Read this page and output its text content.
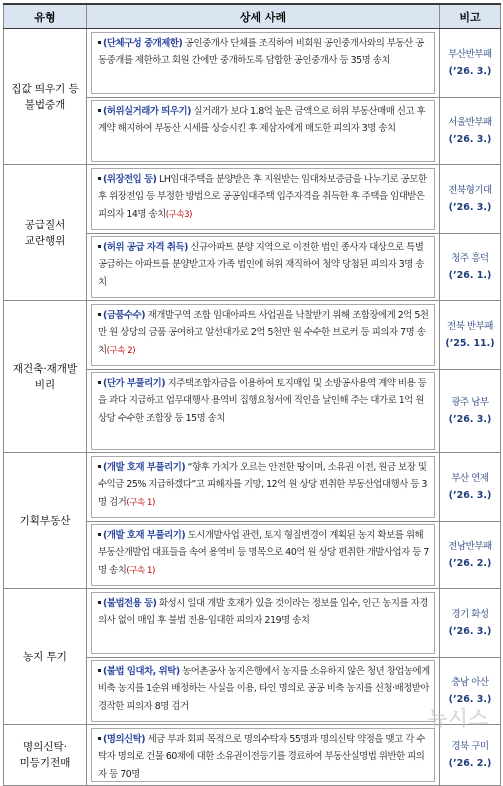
유형	상세 사례	비고
집값 띄우기 등 불법중개	(단체구성 중개제한) 공인중개사 단체를 조직하여 비회원 공인중개사와의 부동산 공동중개를 제한하고 회원 간에만 중개하도록 담합한 공인중개사 등 35명 송치	부산반부패
(’26. 3.)

	(허위실거래가 띄우기) 실거래가 보다 1.8억 높은 금액으로 허위 부동산매매 신고 후 계약 해지하여 부동산 시세를 상승시킨 후 제삼자에게 매도한 피의자 3명 송치	서울반부패
(’26. 3.)

공급질서 교란행위	(위장전입 등) LH임대주택을 분양받은 후 지원받는 임대차보증금을 나누기로 공모한 후 위장전입 등 부정한 방법으로 공공임대주택 입주자격을 취득한 후 주택을 임대받은 피의자 14명 송치(구속3)	전북형기대
(’26. 3.)

	(허위 공급 자격 취득) 신규아파트 분양 지역으로 이전한 법인 종사자 대상으로 특별공급하는 아파트를 분양받고자 가족 법인에 허위 재직하여 청약 당첨된 피의자 3명 송치	청주 흥덕
(’26. 1.)

재건축·재개발 비리	(금품수수) 재개발구역 조합 임대아파트 사업권을 낙찰받기 위해 조합장에게 2억 5천만 원 상당의 금품 공여하고 알선대가로 2억 5천만 원 수수한 브로커 등 피의자 7명 송치(구속 2)	전북 반부패
(’25. 11.)

	(단가 부풀리기) 지주택조합자금을 이용하여 토지매입 및 소방공사용역 계약 비용 등을 과다 지급하고 업무대행사 용역비 집행요청서에 직인을 날인해 주는 대가로 1억 원 상당 수수한 조합장 등 15명 송치	광주 남부
(’26. 3.)

기획부동산	(개발 호재 부풀리기) “향후 가치가 오르는 안전한 땅이며, 소유권 이전, 원금 보장 및 수익금 25% 지급하겠다”고 피해자를 기망, 12억 원 상당 편취한 부동산업대행사 등 3명 검거(구속 1)	부산 연제
(’26. 3.)

	(개발 호재 부풀리기) 도시개발사업 관련, 토지 형질변경이 계획된 농지 확보를 위해 부동산개발업 대표들을 속여 용역비 등 명목으로 40억 원 상당 편취한 개발사업자 등 7명 송치(구속 1)	전남반부패
(’26. 2.)

농지 투기	(불법전용 등) 화성시 일대 개발 호재가 있을 것이라는 정보를 입수, 인근 농지를 자경 의사 없이 매입 후 불법 전용·임대한 피의자 219명 송치	경기 화성
(’26. 3.)

	(불법 임대차, 위탁) 농어촌공사 농지은행에서 농지를 소유하지 않은 청년 창업농에게 비축 농지를 1순위 배정하는 사실을 이용, 타인 명의로 공공 비축 농지를 신청·배정받아 경작한 피의자 8명 검거	충남 아산
(’26. 3.)

명의신탁· 미등기전매	(명의신탁) 세금 부과 회피 목적으로 명의수탁자 55명과 명의신탁 약정을 맺고 각 수탁자 명의로 건물 60채에 대한 소유권이전등기를 경료하여 부동산실명법 위반한 피의자 등 70명	경북 구미
(’26. 2.)
뉴시스
